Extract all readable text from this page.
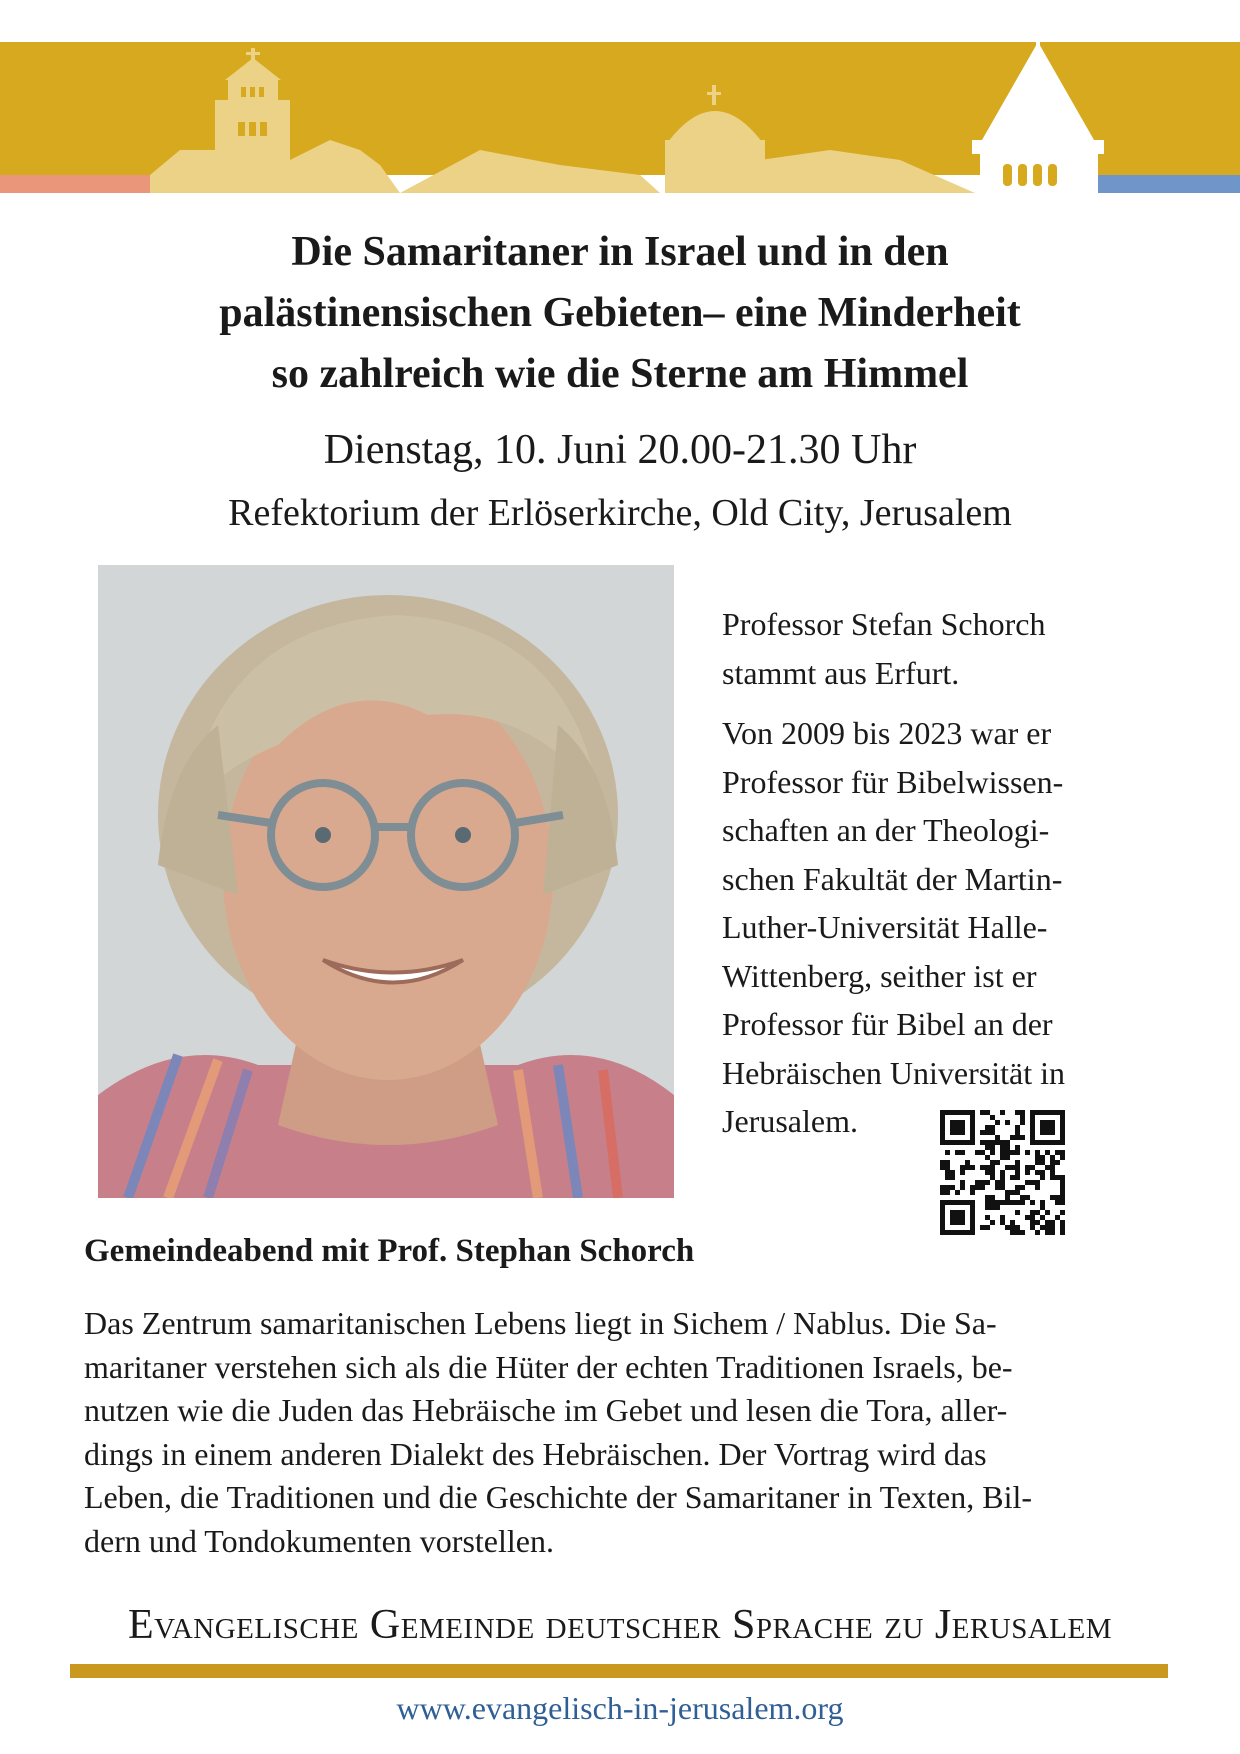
Die Samaritaner in Israel und in den
palästinensischen Gebieten– eine Minderheit
so zahlreich wie die Sterne am Himmel
Dienstag, 10. Juni 20.00-21.30 Uhr
Refektorium der Erlöserkirche, Old City, Jerusalem

Professor Stefan Schorch
stammt aus Erfurt.

Von 2009 bis 2023 war er
Professor für Bibelwissen-
schaften an der Theologi-
schen Fakultät der Martin-
Luther-Universität Halle-
Wittenberg, seither ist er
Professor für Bibel an der
Hebräischen Universität in
Jerusalem.

Gemeindeabend mit Prof. Stephan Schorch
Das Zentrum samaritanischen Lebens liegt in Sichem / Nablus. Die Sa-
maritaner verstehen sich als die Hüter der echten Traditionen Israels, be-
nutzen wie die Juden das Hebräische im Gebet und lesen die Tora, aller-
dings in einem anderen Dialekt des Hebräischen. Der Vortrag wird das
Leben, die Traditionen und die Geschichte der Samaritaner in Texten, Bil-
dern und Tondokumenten vorstellen.
Evangelische Gemeinde deutscher Sprache zu Jerusalem
www.evangelisch-in-jerusalem.org
